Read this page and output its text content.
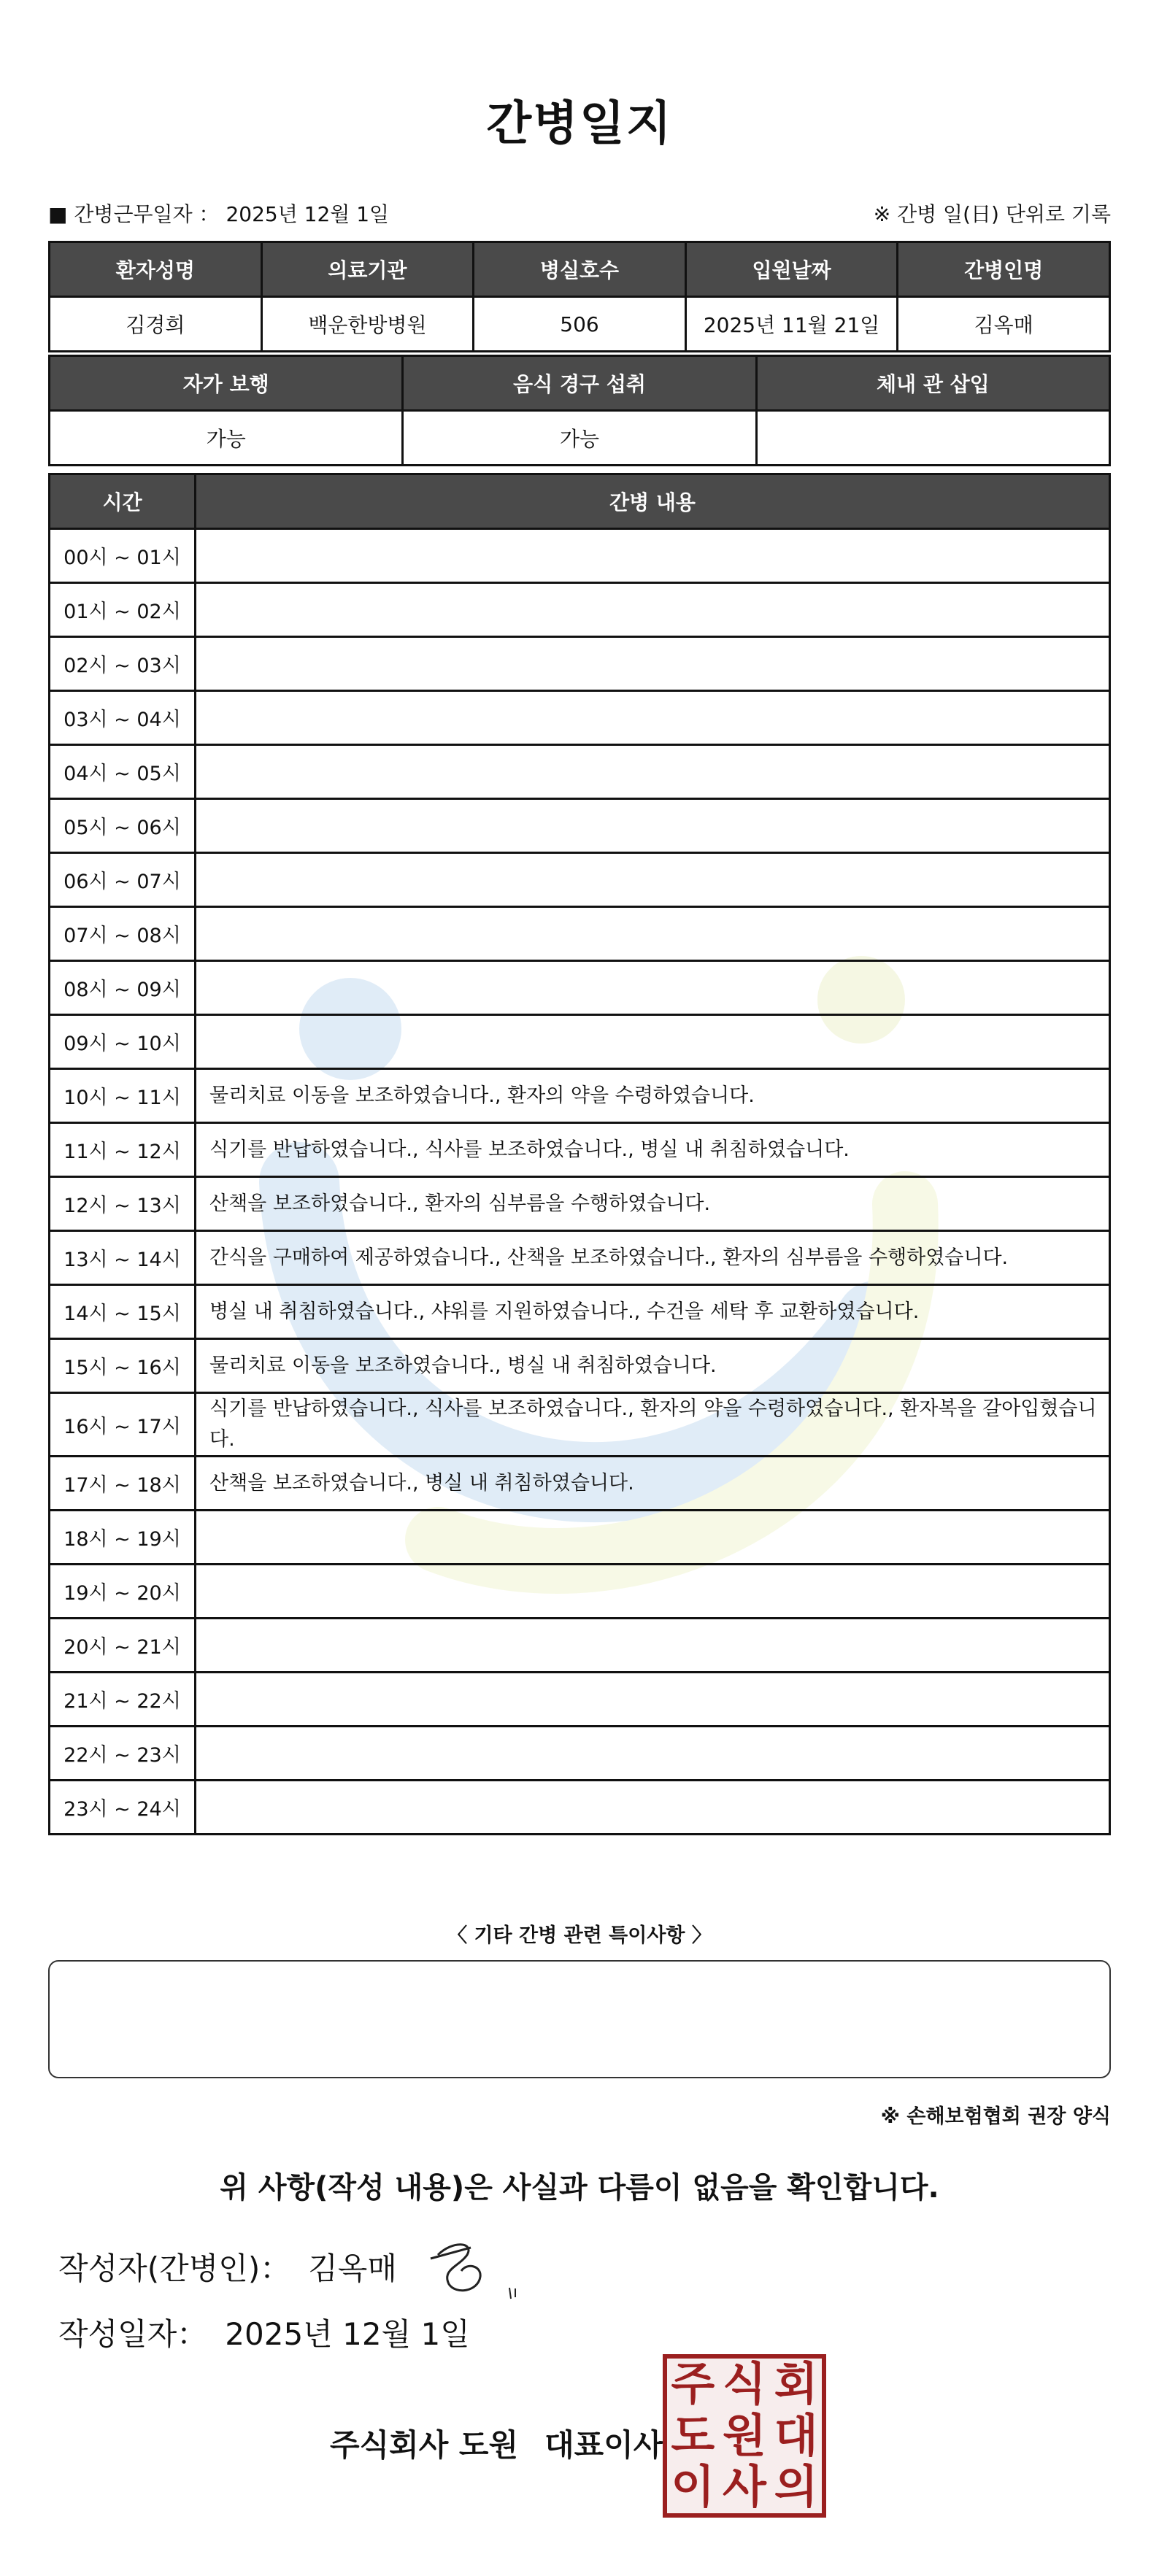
간병일지
■ 간병근무일자 ： 2025년 12월 1일	※ 간병 일(日) 단위로 기록
환자성명	의료기관	병실호수	입원날짜	간병인명
김경희	백운한방병원	506	2025년 11월 21일	김옥매
자가 보행	음식 경구 섭취	체내 관 삽입
가능	가능	
시간	간병 내용
00시 ~ 01시	
01시 ~ 02시	
02시 ~ 03시	
03시 ~ 04시	
04시 ~ 05시	
05시 ~ 06시	
06시 ~ 07시	
07시 ~ 08시	
08시 ~ 09시	
09시 ~ 10시	
10시 ~ 11시	물리치료 이동을 보조하였습니다., 환자의 약을 수령하였습니다.
11시 ~ 12시	식기를 반납하였습니다., 식사를 보조하였습니다., 병실 내 취침하였습니다.
12시 ~ 13시	산책을 보조하였습니다., 환자의 심부름을 수행하였습니다.
13시 ~ 14시	간식을 구매하여 제공하였습니다., 산책을 보조하였습니다., 환자의 심부름을 수행하였습니다.
14시 ~ 15시	병실 내 취침하였습니다., 샤워를 지원하였습니다., 수건을 세탁 후 교환하였습니다.
15시 ~ 16시	물리치료 이동을 보조하였습니다., 병실 내 취침하였습니다.
16시 ~ 17시	식기를 반납하였습니다., 식사를 보조하였습니다., 환자의 약을 수령하였습니다., 환자복을 갈아입혔습니다.
17시 ~ 18시	산책을 보조하였습니다., 병실 내 취침하였습니다.
18시 ~ 19시	
19시 ~ 20시	
20시 ~ 21시	
21시 ~ 22시	
22시 ~ 23시	
23시 ~ 24시	
〈 기타 간병 관련 특이사항 〉
※ 손해보험협회 권장 양식
위 사항(작성 내용)은 사실과 다름이 없음을 확인합니다.
작성자(간병인)： 김옥매
작성일자： 2025년 12월 1일
주식회사 도원 대표이사
주 식 회
도 원 대
이 사 의
